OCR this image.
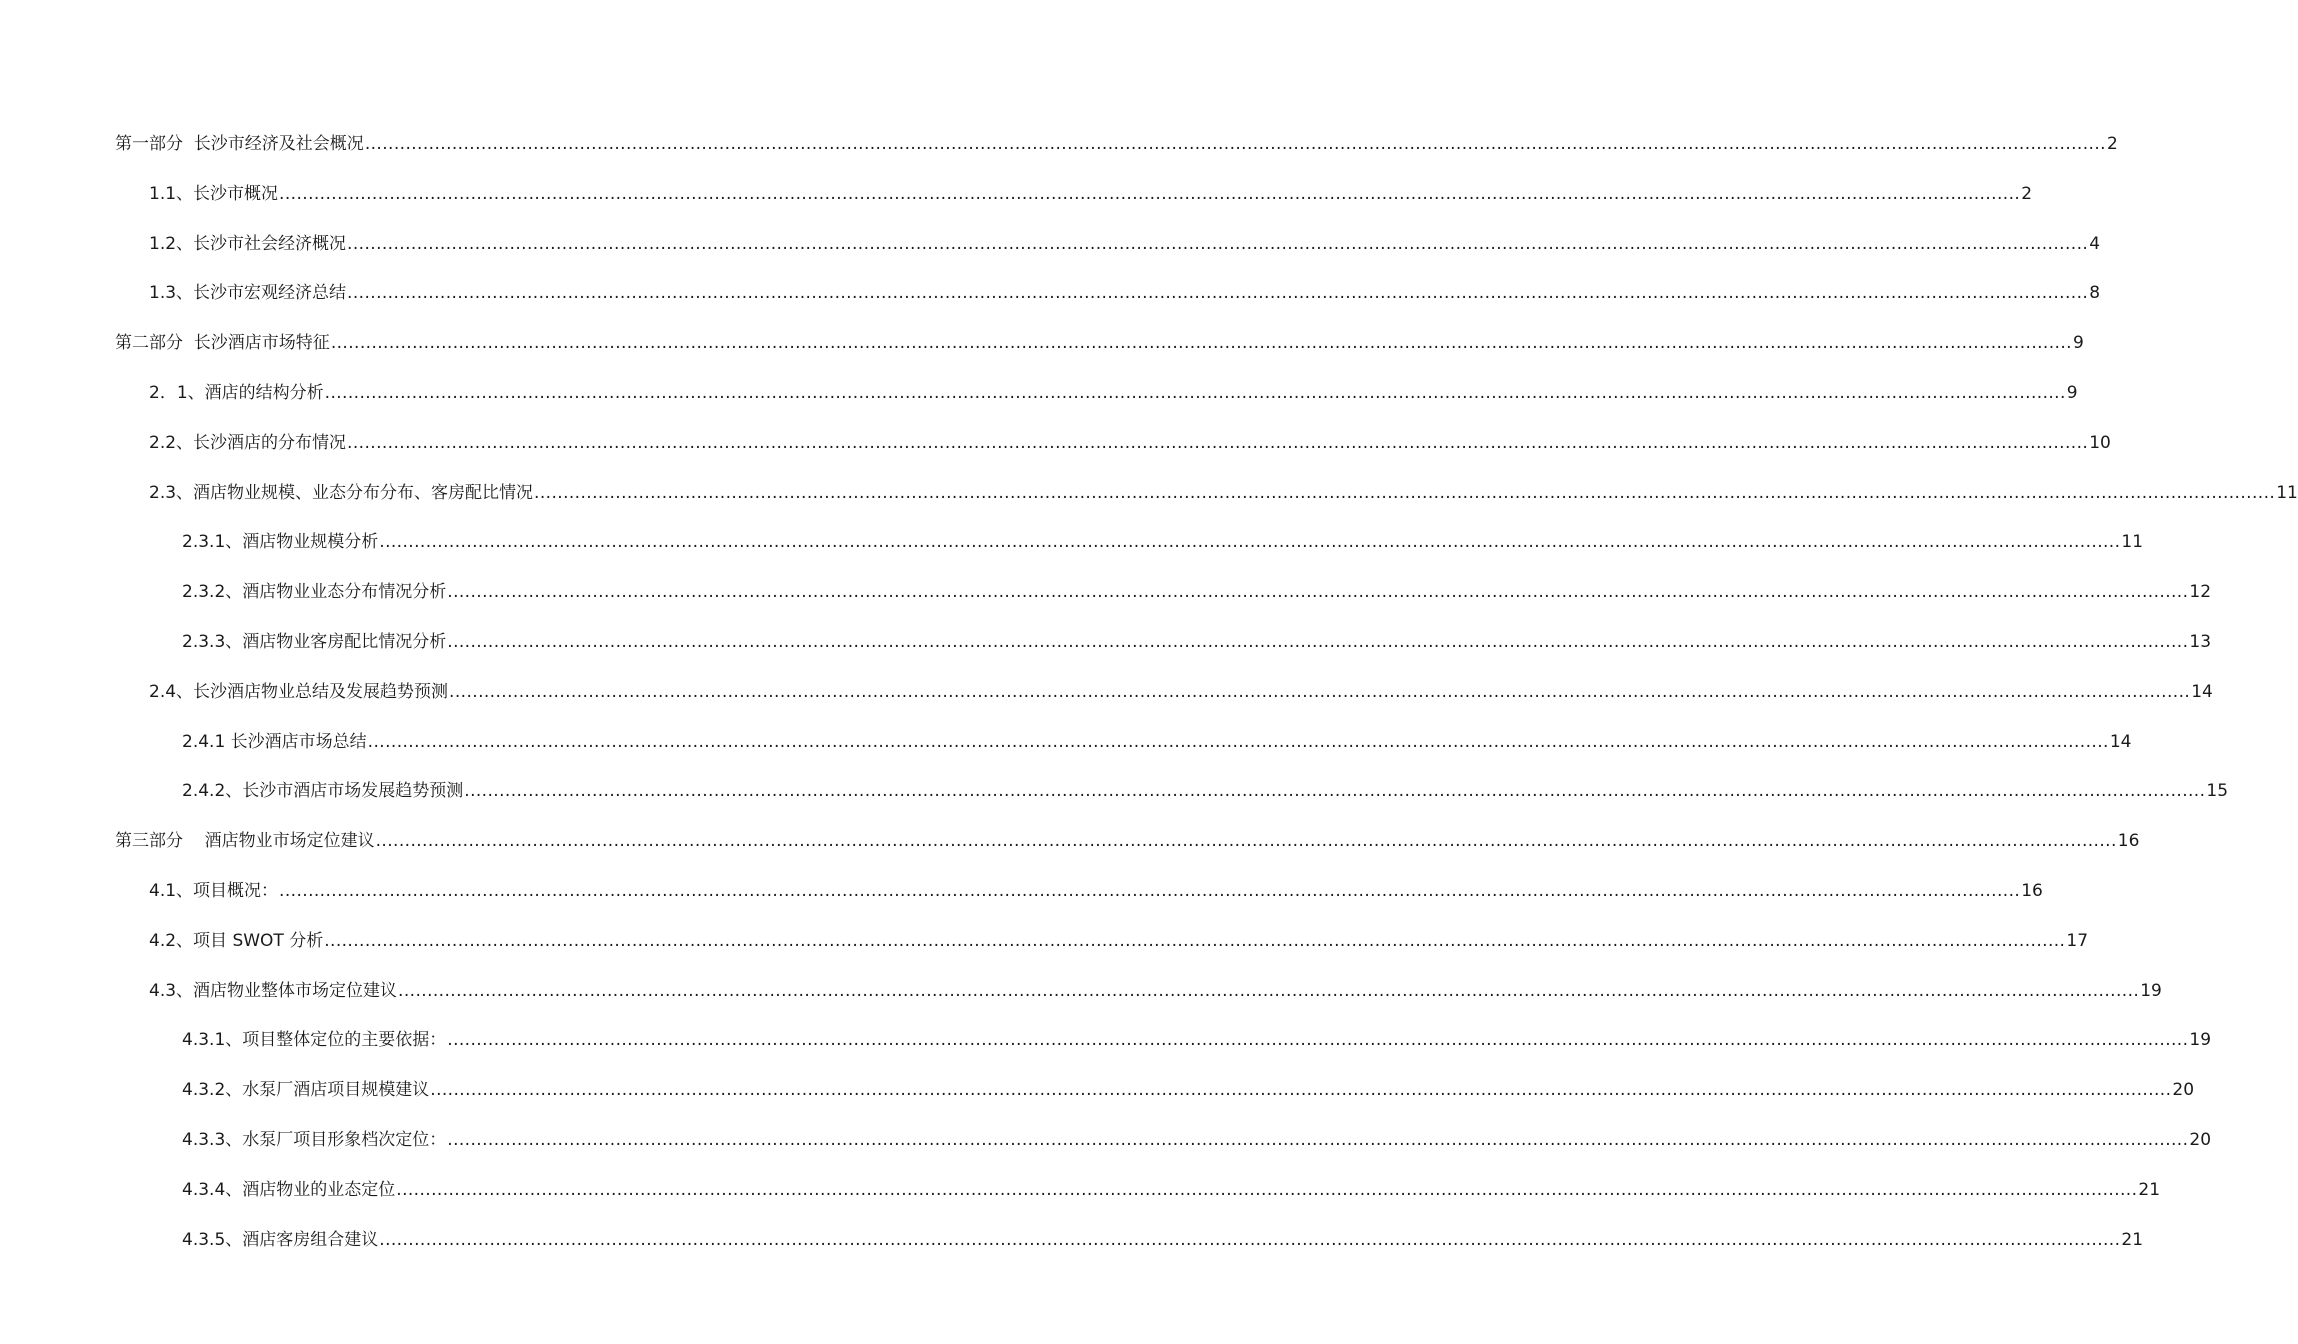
第一部分  长沙市经济及社会概况 ............................................................................................................................................................................................................................................................................................................ 2
1.1、长沙市概况 ............................................................................................................................................................................................................................................................................................................ 2
1.2、长沙市社会经济概况 ............................................................................................................................................................................................................................................................................................................ 4
1.3、长沙市宏观经济总结 ............................................................................................................................................................................................................................................................................................................ 8
第二部分  长沙酒店市场特征 ............................................................................................................................................................................................................................................................................................................ 9
2．1、酒店的结构分析 ............................................................................................................................................................................................................................................................................................................ 9
2.2、长沙酒店的分布情况 ............................................................................................................................................................................................................................................................................................................ 10
2.3、酒店物业规模、业态分布分布、客房配比情况 ............................................................................................................................................................................................................................................................................................................ 11
2.3.1、酒店物业规模分析 ............................................................................................................................................................................................................................................................................................................ 11
2.3.2、酒店物业业态分布情况分析 ............................................................................................................................................................................................................................................................................................................ 12
2.3.3、酒店物业客房配比情况分析 ............................................................................................................................................................................................................................................................................................................ 13
2.4、长沙酒店物业总结及发展趋势预测 ............................................................................................................................................................................................................................................................................................................ 14
2.4.1 长沙酒店市场总结 ............................................................................................................................................................................................................................................................................................................ 14
2.4.2、长沙市酒店市场发展趋势预测 ............................................................................................................................................................................................................................................................................................................ 15
第三部分    酒店物业市场定位建议 ............................................................................................................................................................................................................................................................................................................ 16
4.1、项目概况： ............................................................................................................................................................................................................................................................................................................ 16
4.2、项目 SWOT 分析 ............................................................................................................................................................................................................................................................................................................ 17
4.3、酒店物业整体市场定位建议 ............................................................................................................................................................................................................................................................................................................ 19
4.3.1、项目整体定位的主要依据： ............................................................................................................................................................................................................................................................................................................ 19
4.3.2、水泵厂酒店项目规模建议 ............................................................................................................................................................................................................................................................................................................ 20
4.3.3、水泵厂项目形象档次定位： ............................................................................................................................................................................................................................................................................................................ 20
4.3.4、酒店物业的业态定位 ............................................................................................................................................................................................................................................................................................................ 21
4.3.5、酒店客房组合建议 ............................................................................................................................................................................................................................................................................................................ 21
